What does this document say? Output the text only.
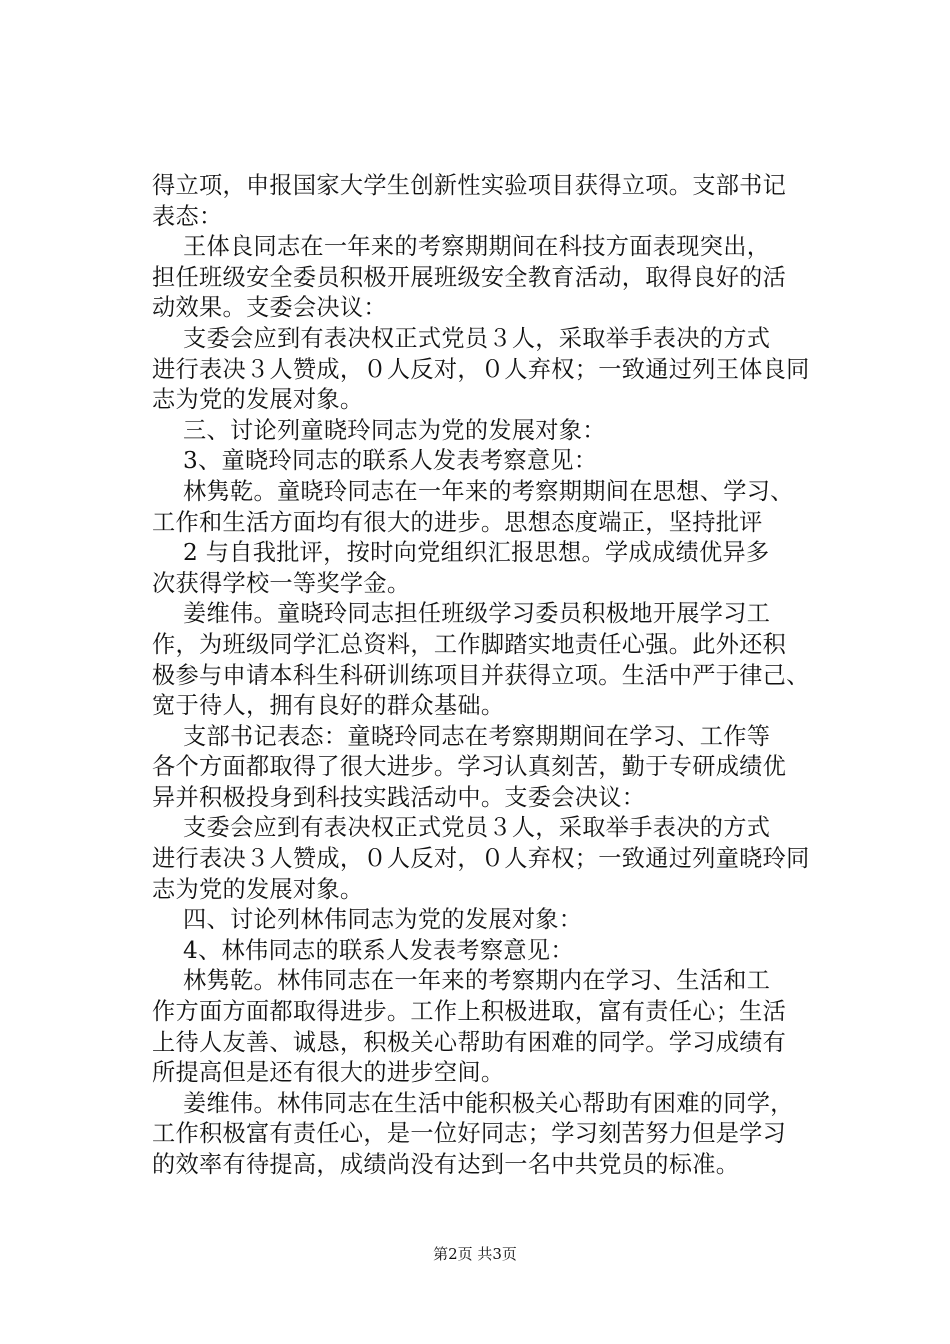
得立项，申报国家大学生创新性实验项目获得立项。支部书记
表态：
王体良同志在一年来的考察期期间在科技方面表现突出，
担任班级安全委员积极开展班级安全教育活动，取得良好的活
动效果。支委会决议：
支委会应到有表决权正式党员３人，采取举手表决的方式
进行表决３人赞成，０人反对，０人弃权；一致通过列王体良同
志为党的发展对象。
三、讨论列童晓玲同志为党的发展对象：
3、童晓玲同志的联系人发表考察意见：
林隽乾。童晓玲同志在一年来的考察期期间在思想、学习、
工作和生活方面均有很大的进步。思想态度端正，坚持批评
2 与自我批评，按时向党组织汇报思想。学成成绩优异多
次获得学校一等奖学金。
姜维伟。童晓玲同志担任班级学习委员积极地开展学习工
作，为班级同学汇总资料，工作脚踏实地责任心强。此外还积
极参与申请本科生科研训练项目并获得立项。生活中严于律己、
宽于待人，拥有良好的群众基础。
支部书记表态：童晓玲同志在考察期期间在学习、工作等
各个方面都取得了很大进步。学习认真刻苦，勤于专研成绩优
异并积极投身到科技实践活动中。支委会决议：
支委会应到有表决权正式党员３人，采取举手表决的方式
进行表决３人赞成，０人反对，０人弃权；一致通过列童晓玲同
志为党的发展对象。
四、讨论列林伟同志为党的发展对象：
4、林伟同志的联系人发表考察意见：
林隽乾。林伟同志在一年来的考察期内在学习、生活和工
作方面方面都取得进步。工作上积极进取，富有责任心；生活
上待人友善、诚恳，积极关心帮助有困难的同学。学习成绩有
所提高但是还有很大的进步空间。
姜维伟。林伟同志在生活中能积极关心帮助有困难的同学，
工作积极富有责任心，是一位好同志；学习刻苦努力但是学习
的效率有待提高，成绩尚没有达到一名中共党员的标准。
第2页 共3页
